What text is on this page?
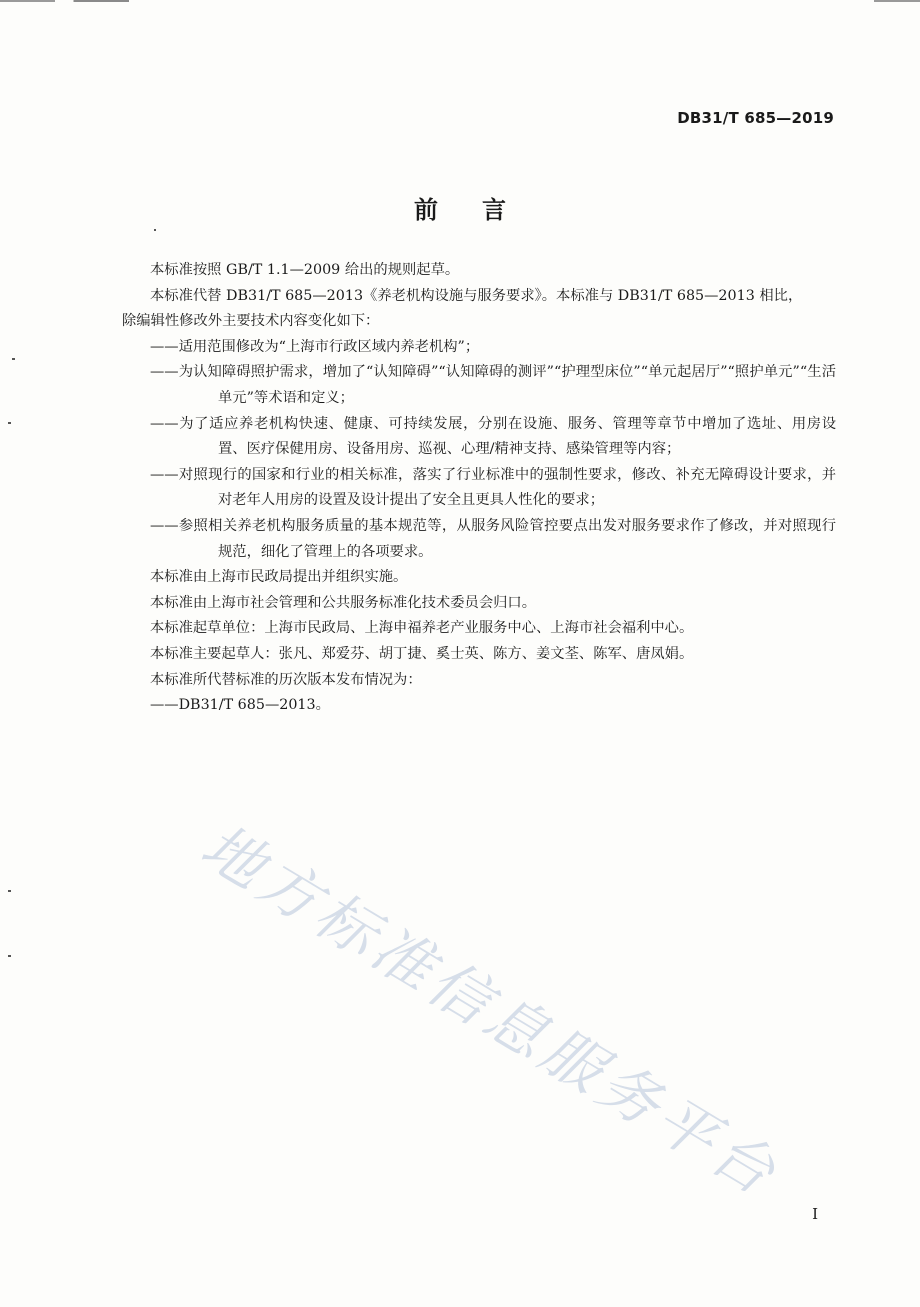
DB31/T 685—2019
前言

本标准按照 GB/T 1.1—2009 给出的规则起草。

本标准代替 DB31/T 685—2013《养老机构设施与服务要求》。本标准与 DB31/T 685—2013 相比，

除编辑性修改外主要技术内容变化如下：

——适用范围修改为“上海市行政区域内养老机构”；

——为认知障碍照护需求，增加了“认知障碍”“认知障碍的测评”“护理型床位”“单元起居厅”“照护单元”“生活单元”等术语和定义；

——为了适应养老机构快速、健康、可持续发展，分别在设施、服务、管理等章节中增加了选址、用房设置、医疗保健用房、设备用房、巡视、心理/精神支持、感染管理等内容；

——对照现行的国家和行业的相关标准，落实了行业标准中的强制性要求，修改、补充无障碍设计要求，并对老年人用房的设置及设计提出了安全且更具人性化的要求；

——参照相关养老机构服务质量的基本规范等，从服务风险管控要点出发对服务要求作了修改，并对照现行规范，细化了管理上的各项要求。

本标准由上海市民政局提出并组织实施。

本标准由上海市社会管理和公共服务标准化技术委员会归口。

本标准起草单位：上海市民政局、上海申福养老产业服务中心、上海市社会福利中心。

本标准主要起草人：张凡、郑爱芬、胡丁捷、奚士英、陈方、姜文荃、陈军、唐凤娟。

本标准所代替标准的历次版本发布情况为：

——DB31/T 685—2013。

地方标准信息服务平台
I
